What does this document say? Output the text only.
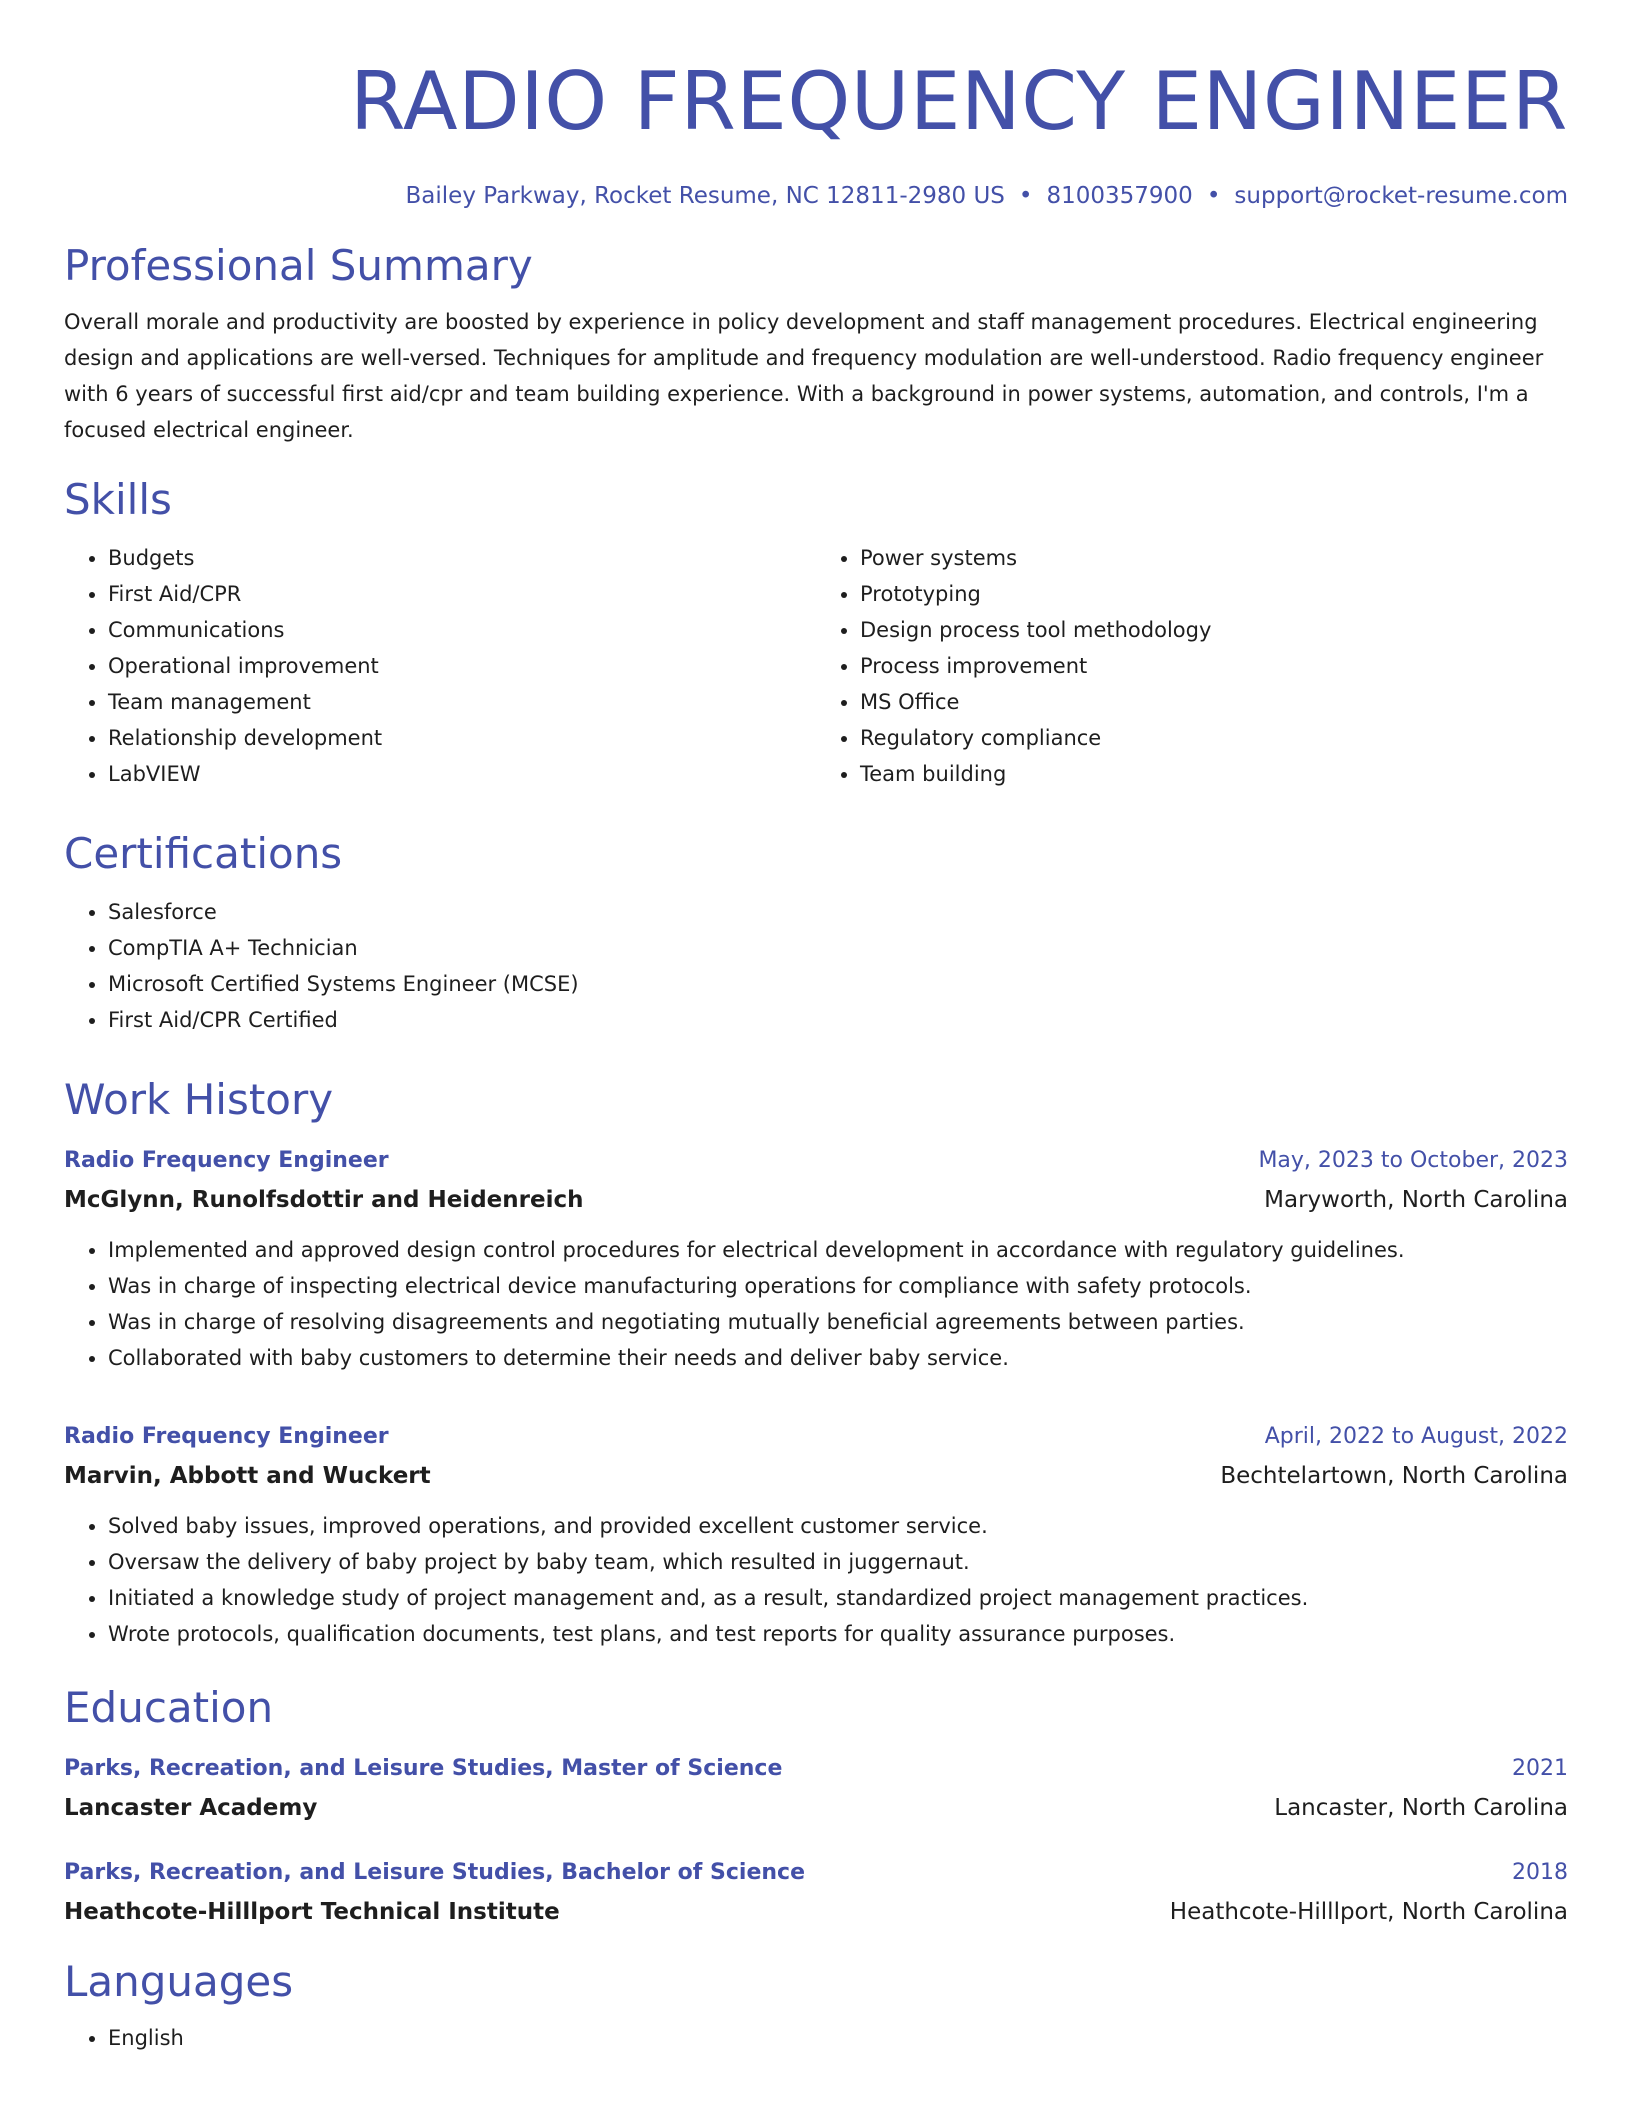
RADIO FREQUENCY ENGINEER
Bailey Parkway, Rocket Resume, NC 12811-2980 US • 8100357900 • support@rocket-resume.com
Professional Summary

Overall morale and productivity are boosted by experience in policy development and staff management procedures. Electrical engineering design and applications are well-versed. Techniques for amplitude and frequency modulation are well-understood. Radio frequency engineer with 6 years of successful first aid/cpr and team building experience. With a background in power systems, automation, and controls, I'm a focused electrical engineer.

Skills
• Budgets
• First Aid/CPR
• Communications
• Operational improvement
• Team management
• Relationship development
• LabVIEW
• Power systems
• Prototyping
• Design process tool methodology
• Process improvement
• MS Office
• Regulatory compliance
• Team building
Certifications
• Salesforce
• CompTIA A+ Technician
• Microsoft Certified Systems Engineer (MCSE)
• First Aid/CPR Certified
Work History
Radio Frequency Engineer	May, 2023 to October, 2023
McGlynn, Runolfsdottir and Heidenreich	Maryworth, North Carolina
• Implemented and approved design control procedures for electrical development in accordance with regulatory guidelines.
• Was in charge of inspecting electrical device manufacturing operations for compliance with safety protocols.
• Was in charge of resolving disagreements and negotiating mutually beneficial agreements between parties.
• Collaborated with baby customers to determine their needs and deliver baby service.
Radio Frequency Engineer	April, 2022 to August, 2022
Marvin, Abbott and Wuckert	Bechtelartown, North Carolina
• Solved baby issues, improved operations, and provided excellent customer service.
• Oversaw the delivery of baby project by baby team, which resulted in juggernaut.
• Initiated a knowledge study of project management and, as a result, standardized project management practices.
• Wrote protocols, qualification documents, test plans, and test reports for quality assurance purposes.
Education
Parks, Recreation, and Leisure Studies, Master of Science	2021
Lancaster Academy	Lancaster, North Carolina
Parks, Recreation, and Leisure Studies, Bachelor of Science	2018
Heathcote-Hilllport Technical Institute	Heathcote-Hilllport, North Carolina
Languages
• English
